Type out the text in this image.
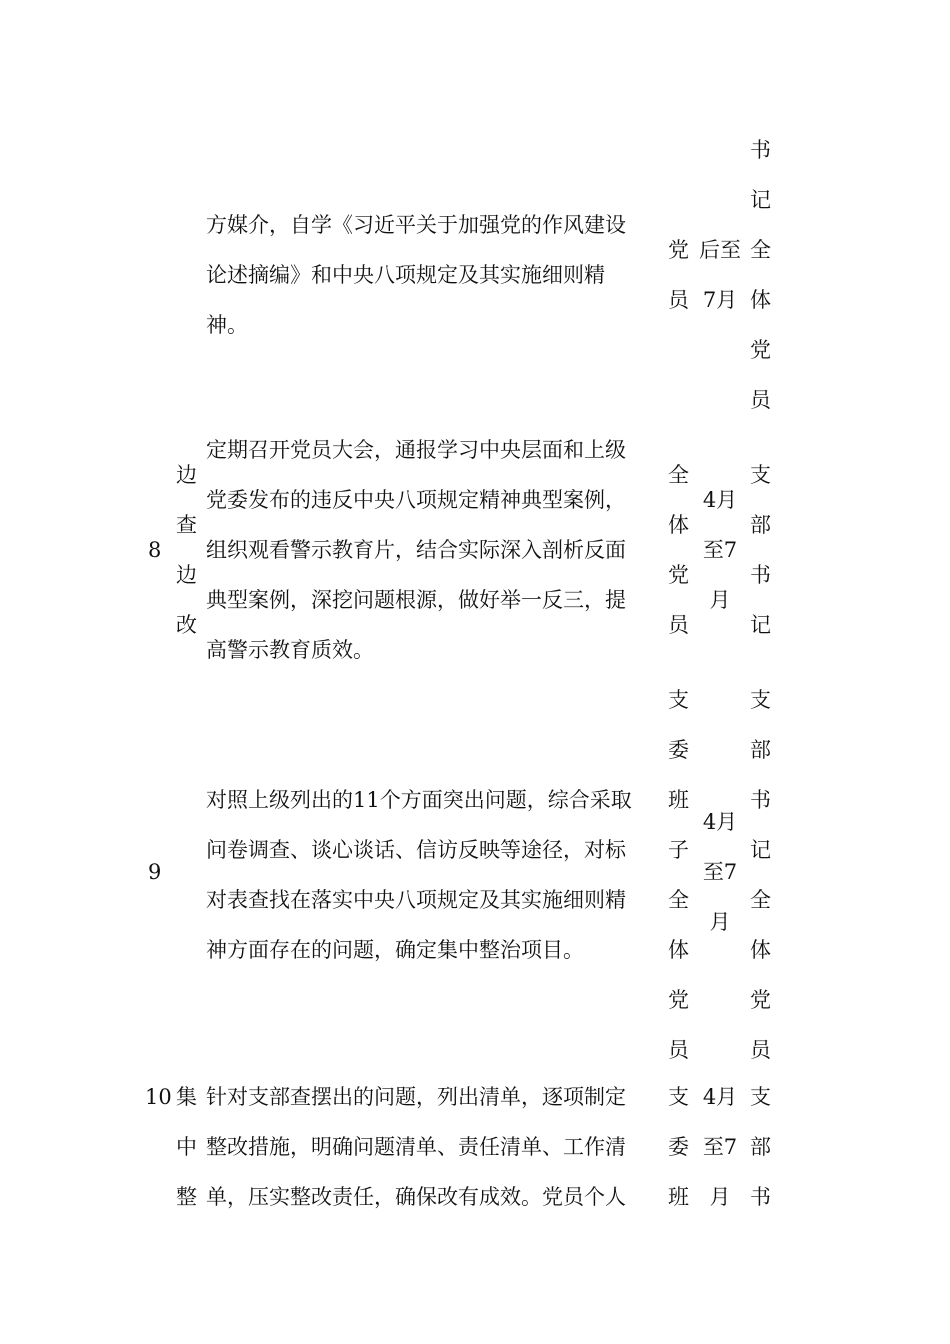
方媒介，自学《习近平关于加强党的作风建设
论述摘编》和中央八项规定及其实施细则精
神。
党
员
后至
7月
书
记
全
体
党
员
8
边
查
边
改
定期召开党员大会，通报学习中央层面和上级
党委发布的违反中央八项规定精神典型案例，
组织观看警示教育片，结合实际深入剖析反面
典型案例，深挖问题根源，做好举一反三，提
高警示教育质效。
全
体
党
员
4月
至7
月
支
部
书
记
9
对照上级列出的11个方面突出问题，综合采取
问卷调查、谈心谈话、信访反映等途径，对标
对表查找在落实中央八项规定及其实施细则精
神方面存在的问题，确定集中整治项目。
支
委
班
子
全
体
党
员
4月
至7
月
支
部
书
记
全
体
党
员
10 集
中
整
针对支部查摆出的问题，列出清单，逐项制定
整改措施，明确问题清单、责任清单、工作清
单，压实整改责任，确保改有成效。党员个人
支
委
班
4月
至7
月
支
部
书
